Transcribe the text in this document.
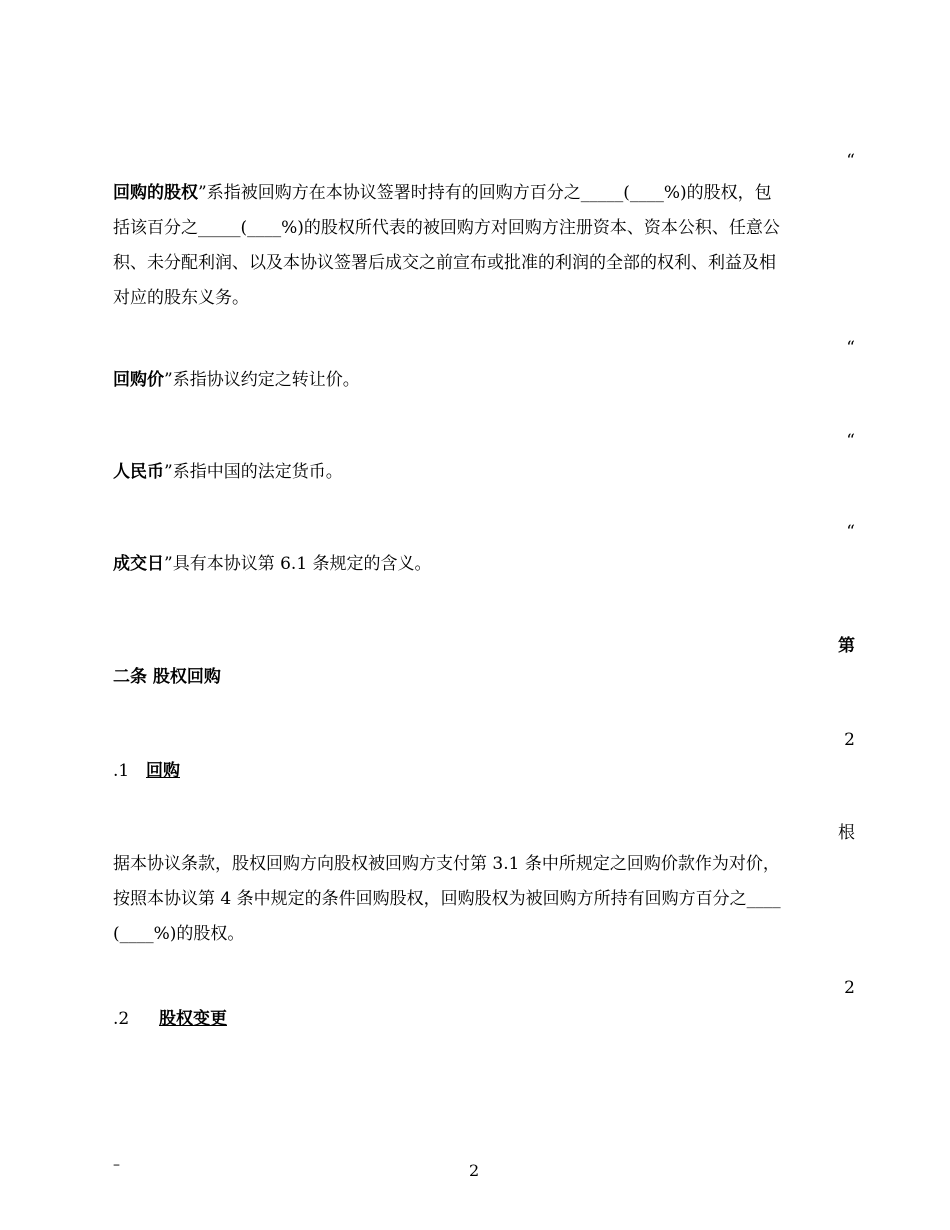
“
回购的股权”系指被回购方在本协议签署时持有的回购方百分之_____(____%)的股权，包
括该百分之_____(____%)的股权所代表的被回购方对回购方注册资本、资本公积、任意公
积、未分配利润、以及本协议签署后成交之前宣布或批准的利润的全部的权利、利益及相
对应的股东义务。
“
回购价”系指协议约定之转让价。
“
人民币”系指中国的法定货币。
“
成交日”具有本协议第 6.1 条规定的含义。
第
二条 股权回购
2
.1 回购
根
据本协议条款，股权回购方向股权被回购方支付第 3.1 条中所规定之回购价款作为对价，
按照本协议第 4 条中规定的条件回购股权，回购股权为被回购方所持有回购方百分之____
(____%)的股权。
2
.2 股权变更
–	2
